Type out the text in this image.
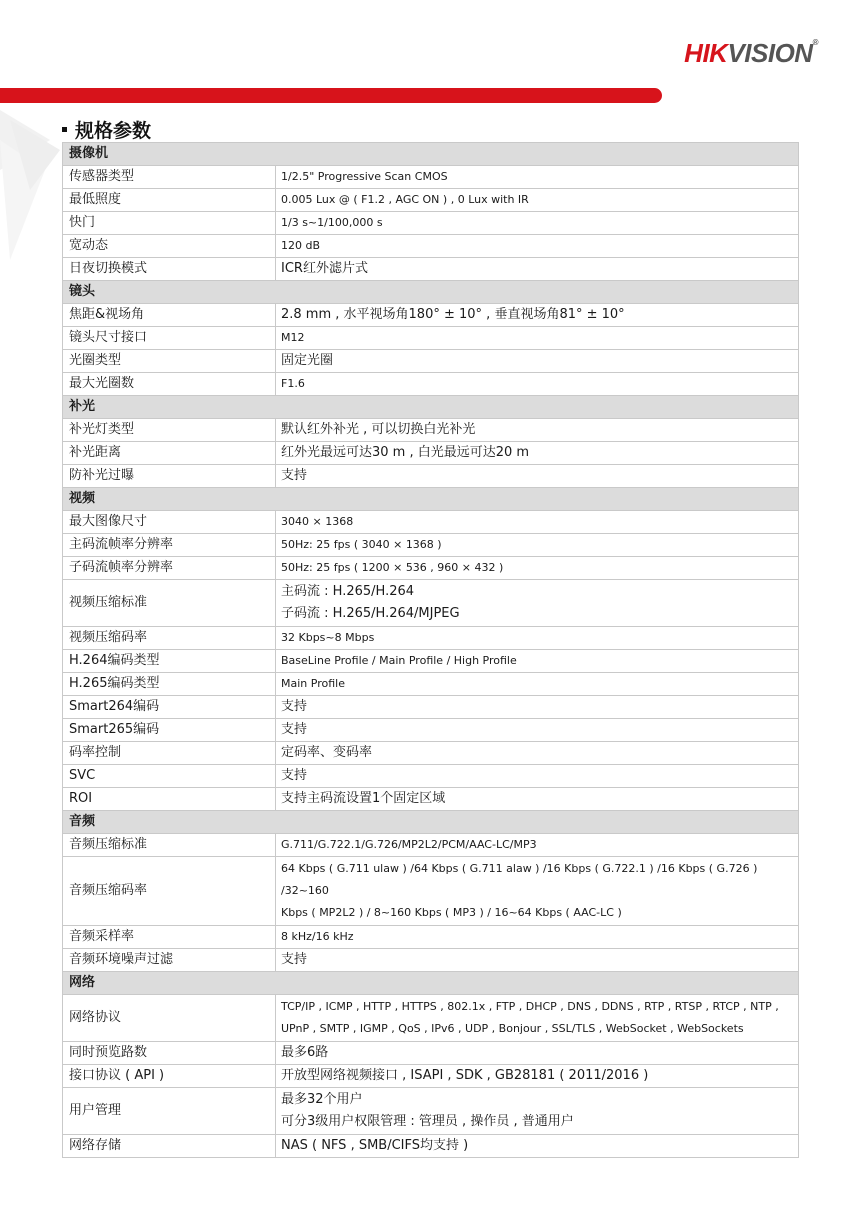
HIKVISION®
规格参数
摄像机	
传感器类型	1/2.5" Progressive Scan CMOS

最低照度	0.005 Lux @ ( F1.2 , AGC ON ) , 0 Lux with IR

快门	1/3 s~1/100,000 s

宽动态	120 dB

日夜切换模式	ICR红外滤片式

镜头	
焦距&视场角	2.8 mm , 水平视场角180° ± 10° , 垂直视场角81° ± 10°

镜头尺寸接口	M12

光圈类型	固定光圈

最大光圈数	F1.6

补光	
补光灯类型	默认红外补光 , 可以切换白光补光

补光距离	红外光最远可达30 m , 白光最远可达20 m

防补光过曝	支持

视频	
最大图像尺寸	3040 × 1368

主码流帧率分辨率	50Hz: 25 fps ( 3040 × 1368 )

子码流帧率分辨率	50Hz: 25 fps ( 1200 × 536 , 960 × 432 )

视频压缩标准	主码流 : H.265/H.264
子码流 : H.265/H.264/MJPEG

视频压缩码率	32 Kbps~8 Mbps

H.264编码类型	BaseLine Profile / Main Profile / High Profile

H.265编码类型	Main Profile

Smart264编码	支持

Smart265编码	支持

码率控制	定码率、变码率

SVC	支持

ROI	支持主码流设置1个固定区域

音频	
音频压缩标准	G.711/G.722.1/G.726/MP2L2/PCM/AAC-LC/MP3

音频压缩码率	64 Kbps ( G.711 ulaw ) /64 Kbps ( G.711 alaw ) /16 Kbps ( G.722.1 ) /16 Kbps ( G.726 ) /32~160
Kbps ( MP2L2 ) / 8~160 Kbps ( MP3 ) / 16~64 Kbps ( AAC-LC )

音频采样率	8 kHz/16 kHz

音频环境噪声过滤	支持

网络	
网络协议	TCP/IP , ICMP , HTTP , HTTPS , 802.1x , FTP , DHCP , DNS , DDNS , RTP , RTSP , RTCP , NTP ,
UPnP , SMTP , IGMP , QoS , IPv6 , UDP , Bonjour , SSL/TLS , WebSocket , WebSockets

同时预览路数	最多6路

接口协议 ( API )	开放型网络视频接口 , ISAPI , SDK , GB28181 ( 2011/2016 )

用户管理	最多32个用户
可分3级用户权限管理 : 管理员 , 操作员 , 普通用户

网络存储	NAS ( NFS , SMB/CIFS均支持 )
